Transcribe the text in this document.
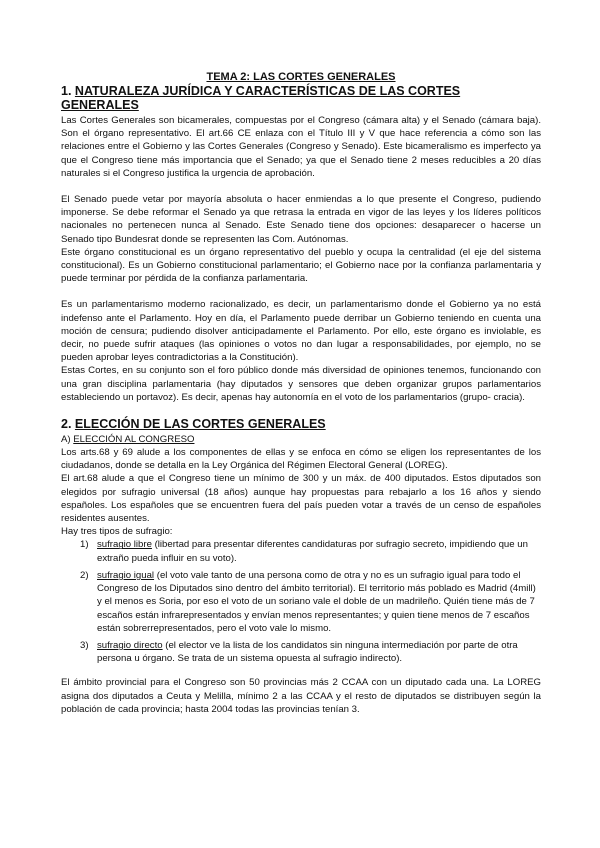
TEMA 2: LAS CORTES GENERALES

1. NATURALEZA JURÍDICA Y CARACTERÍSTICAS DE LAS CORTES GENERALES

Las Cortes Generales son bicamerales, compuestas por el Congreso (cámara alta) y el Senado (cámara baja). Son el órgano representativo. El art.66 CE enlaza con el Título III y V que hace referencia a cómo son las relaciones entre el Gobierno y las Cortes Generales (Congreso y Senado). Este bicameralismo es imperfecto ya que el Congreso tiene más importancia que el Senado; ya que el Senado tiene 2 meses reducibles a 20 días naturales si el Congreso justifica la urgencia de aprobación.

El Senado puede vetar por mayoría absoluta o hacer enmiendas a lo que presente el Congreso, pudiendo imponerse. Se debe reformar el Senado ya que retrasa la entrada en vigor de las leyes y los líderes políticos nacionales no pertenecen nunca al Senado. Este Senado tiene dos opciones: desaparecer o hacerse un Senado tipo Bundesrat donde se representen las Com. Autónomas.

Este órgano constitucional es un órgano representativo del pueblo y ocupa la centralidad (el eje del sistema constitucional). Es un Gobierno constitucional parlamentario; el Gobierno nace por la confianza parlamentaria y puede terminar por pérdida de la confianza parlamentaria.

Es un parlamentarismo moderno racionalizado, es decir, un parlamentarismo donde el Gobierno ya no está indefenso ante el Parlamento. Hoy en día, el Parlamento puede derribar un Gobierno teniendo en cuenta una moción de censura; pudiendo disolver anticipadamente el Parlamento. Por ello, este órgano es inviolable, es decir, no puede sufrir ataques (las opiniones o votos no dan lugar a responsabilidades, por ejemplo, no se pueden aprobar leyes contradictorias a la Constitución).

Estas Cortes, en su conjunto son el foro público donde más diversidad de opiniones tenemos, funcionando con una gran disciplina parlamentaria (hay diputados y sensores que deben organizar grupos parlamentarios estableciendo un portavoz). Es decir, apenas hay autonomía en el voto de los parlamentarios (grupo- cracia).

2. ELECCIÓN DE LAS CORTES GENERALES

A) ELECCIÓN AL CONGRESO

Los arts.68 y 69 alude a los componentes de ellas y se enfoca en cómo se eligen los representantes de los ciudadanos, donde se detalla en la Ley Orgánica del Régimen Electoral General (LOREG).

El art.68 alude a que el Congreso tiene un mínimo de 300 y un máx. de 400 diputados. Estos diputados son elegidos por sufragio universal (18 años) aunque hay propuestas para rebajarlo a los 16 años y siendo españoles. Los españoles que se encuentren fuera del país pueden votar a través de un censo de españoles residentes ausentes.

Hay tres tipos de sufragio:

1) sufragio libre (libertad para presentar diferentes candidaturas por sufragio secreto, impidiendo que un extraño pueda influir en su voto).
2) sufragio igual (el voto vale tanto de una persona como de otra y no es un sufragio igual para todo el Congreso de los Diputados sino dentro del ámbito territorial). El territorio más poblado es Madrid (4mill) y el menos es Soria, por eso el voto de un soriano vale el doble de un madrileño. Quién tiene más de 7 escaños están infrarepresentados y envían menos representantes; y quien tiene menos de 7 escaños están sobrerrepresentados, pero el voto vale lo mismo.
3) sufragio directo (el elector ve la lista de los candidatos sin ninguna intermediación por parte de otra persona u órgano. Se trata de un sistema opuesta al sufragio indirecto).

El ámbito provincial para el Congreso son 50 provincias más 2 CCAA con un diputado cada una. La LOREG asigna dos diputados a Ceuta y Melilla, mínimo 2 a las CCAA y el resto de diputados se distribuyen según la población de cada provincia; hasta 2004 todas las provincias tenían 3.
